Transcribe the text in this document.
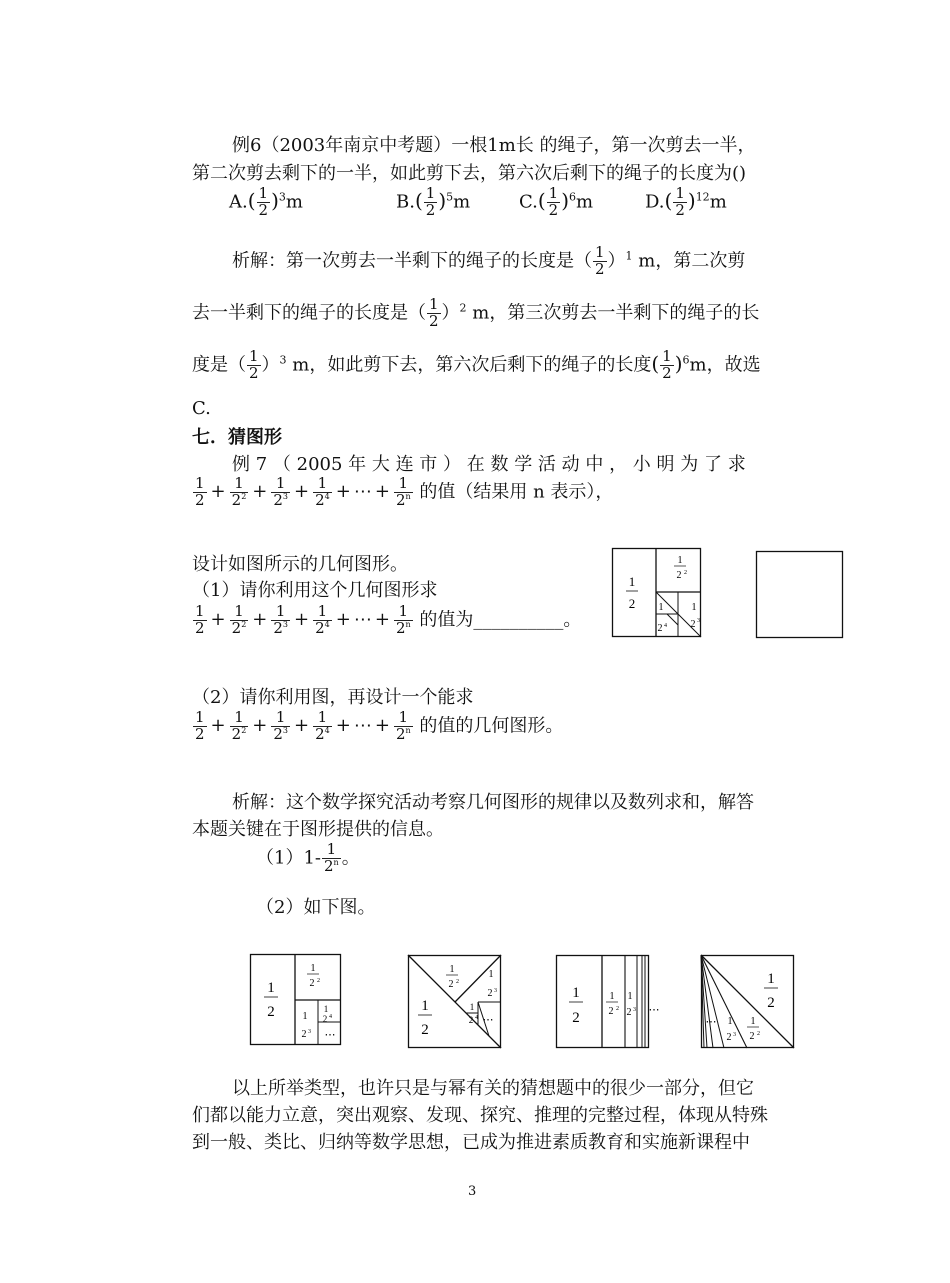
例6（2003年南京中考题）一根1m长 的绳子，第一次剪去一半，
第二次剪去剩下的一半，如此剪下去，第六次后剩下的绳子的长度为()
$A.( \frac{1}{2} )^3m$	$B.( \frac{1}{2} )^5m$	$C.( \frac{1}{2} )^6m$	$D.( \frac{1}{2} )^{12}m$
析解：第一次剪去一半剩下的绳子的长度是（ $\frac{1}{2} )^1$ m，第二次剪
去一半剩下的绳子的长度是（ $\frac{1}{2} )^2$ m，第三次剪去一半剩下的绳子的长
度是（ $\frac{1}{2} )^3$ m，如此剪下去，第六次后剩下的绳子的长度( $\frac{1}{2} )^6m$，故选
C.
七．猜图形
例 7 （ 2005 年 大 连 市 ） 在 数 学 活 动 中 ， 小 明 为 了 求
$\frac{1}{2} + \frac{1}{2^2} + \frac{1}{2^3} + \frac{1}{2^4}$ + ⋯ + $\frac{1}{2^n}$ 的值（结果用 n 表示），
设计如图所示的几何图形。
（1）请你利用这个几何图形求
$\frac{1}{2} + \frac{1}{2^2} + \frac{1}{2^3} + \frac{1}{2^4}$ + ⋯ + $\frac{1}{2^n}$ 的值为__________。
（2）请你利用图，再设计一个能求
$\frac{1}{2} + \frac{1}{2^2} + \frac{1}{2^3} + \frac{1}{2^4}$ + ⋯ + $\frac{1}{2^n}$ 的值的几何图形。
1
2
1
2 2
1
2 4
1
2 3
析解：这个数学探究活动考察几何图形的规律以及数列求和，解答
本题关键在于图形提供的信息。
$(1)1- \frac{1}{2^n}$ 。
（2）如下图。
1
2
1
2 2
1
2 3
1
2 4
⋯
1
2
1
2 2
1
2 3
1
2 4 ⋯
1
2
1
2 2
1
2 3 ⋯
1
2
1
2 2
1
2 3
⋯
以上所举类型，也许只是与幂有关的猜想题中的很少一部分，但它
们都以能力立意，突出观察、发现、探究、推理的完整过程，体现从特殊
到一般、类比、归纳等数学思想，已成为推进素质教育和实施新课程中
3
